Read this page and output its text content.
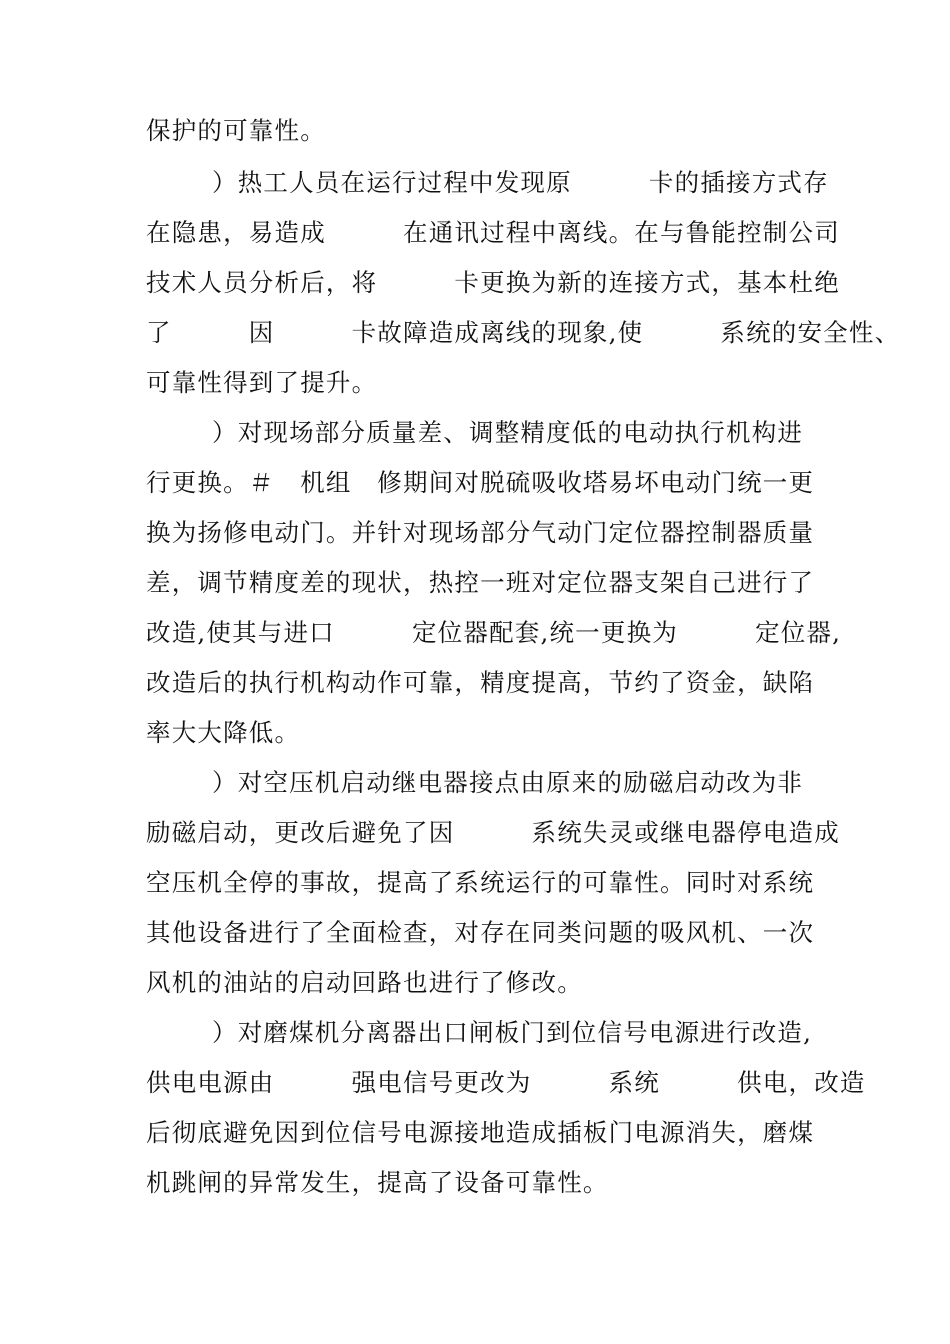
保护的可靠性。
）热工人员在运行过程中发现原　　　卡的插接方式存
在隐患，易造成　　　在通讯过程中离线。在与鲁能控制公司
技术人员分析后，将　　　卡更换为新的连接方式，基本杜绝
了　　　因　　　卡故障造成离线的现象,使　　　系统的安全性、
可靠性得到了提升。
）对现场部分质量差、调整精度低的电动执行机构进
行更换。＃　机组　修期间对脱硫吸收塔易坏电动门统一更
换为扬修电动门。并针对现场部分气动门定位器控制器质量
差，调节精度差的现状，热控一班对定位器支架自己进行了
改造,使其与进口　　　定位器配套,统一更换为　　　定位器,
改造后的执行机构动作可靠，精度提高，节约了资金，缺陷
率大大降低。
）对空压机启动继电器接点由原来的励磁启动改为非
励磁启动，更改后避免了因　　　系统失灵或继电器停电造成
空压机全停的事故，提高了系统运行的可靠性。同时对系统
其他设备进行了全面检查，对存在同类问题的吸风机、一次
风机的油站的启动回路也进行了修改。
）对磨煤机分离器出口闸板门到位信号电源进行改造,
供电电源由　　　强电信号更改为　　　系统　　　供电，改造
后彻底避免因到位信号电源接地造成插板门电源消失，磨煤
机跳闸的异常发生，提高了设备可靠性。
